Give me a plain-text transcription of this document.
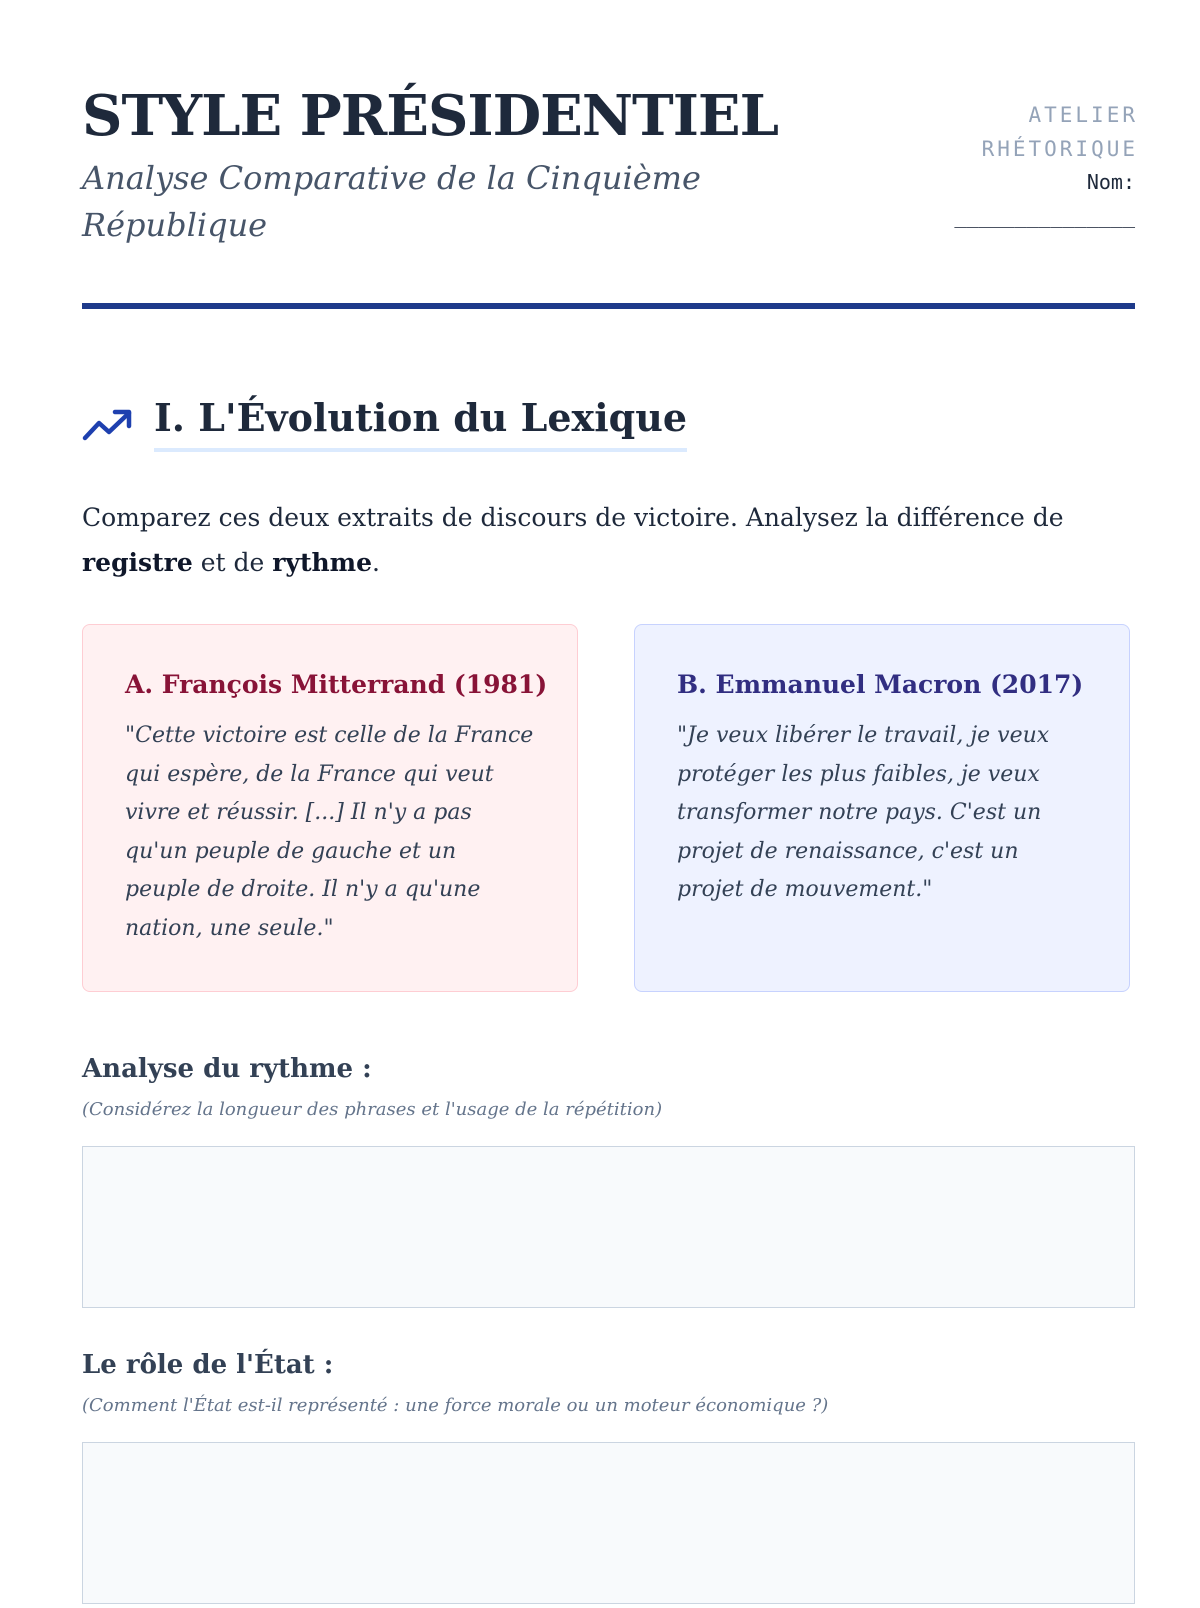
STYLE PRÉSIDENTIEL

Analyse Comparative de la Cinquième République

ATELIER
RHÉTORIQUE
Nom:
_______________
I. L'Évolution du Lexique

Comparez ces deux extraits de discours de victoire. Analysez la différence de registre et de rythme.

A. François Mitterrand (1981)

"Cette victoire est celle de la France qui espère, de la France qui veut vivre et réussir. [...] Il n'y a pas qu'un peuple de gauche et un peuple de droite. Il n'y a qu'une nation, une seule."

B. Emmanuel Macron (2017)

"Je veux libérer le travail, je veux protéger les plus faibles, je veux transformer notre pays. C'est un projet de renaissance, c'est un projet de mouvement."

Analyse du rythme :

(Considérez la longueur des phrases et l'usage de la répétition)

Le rôle de l'État :

(Comment l'État est-il représenté : une force morale ou un moteur économique ?)
